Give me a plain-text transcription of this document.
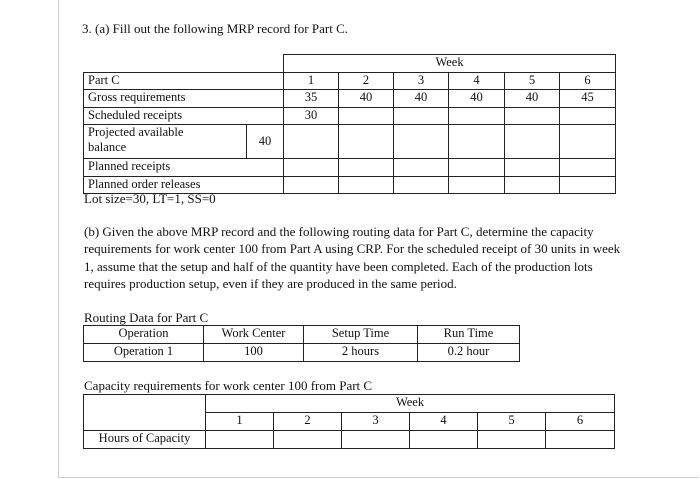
3. (a) Fill out the following MRP record for Part C.
		Week					
Part C		1	2	3	4	5	6
Gross requirements		35	40	40	40	40	45
Scheduled receipts		30					
Projected available
balance	40						
Planned receipts							
Planned order releases							
Lot size=30, LT=1, SS=0
(b) Given the above MRP record and the following routing data for Part C, determine the capacity requirements for work center 100 from Part A using CRP. For the scheduled receipt of 30 units in week 1, assume that the setup and half of the quantity have been completed. Each of the production lots requires production setup, even if they are produced in the same period.
Routing Data for Part C
Operation	Work Center	Setup Time	Run Time
Operation 1	100	2 hours	0.2 hour
Capacity requirements for work center 100 from Part C
	Week					
	1	2	3	4	5	6
Hours of Capacity						
